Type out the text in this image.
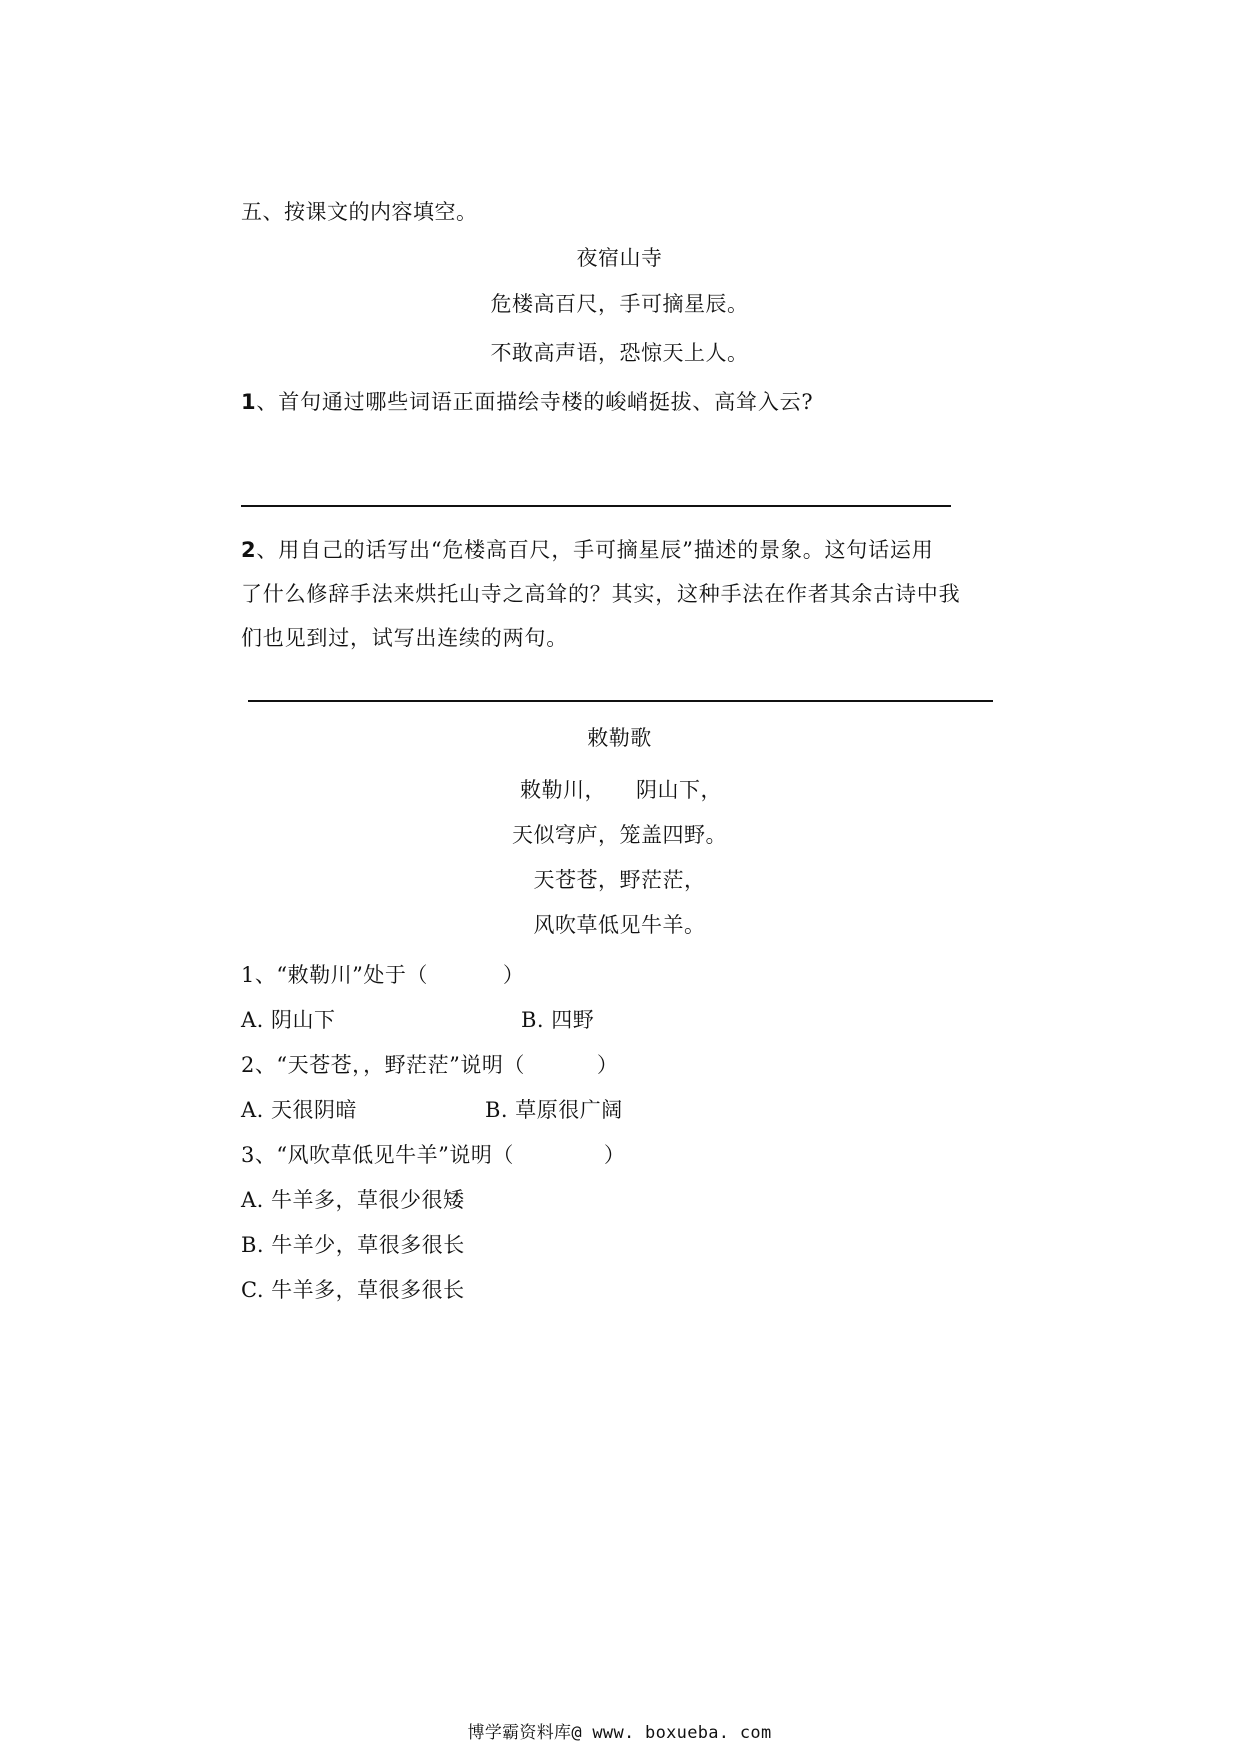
五、按课文的内容填空。
夜宿山寺
危楼高百尺，手可摘星辰。
不敢高声语，恐惊天上人。
1、首句通过哪些词语正面描绘寺楼的峻峭挺拔、高耸入云?
2、用自己的话写出“危楼高百尺，手可摘星辰”描述的景象。这句话运用
了什么修辞手法来烘托山寺之高耸的？其实，这种手法在作者其余古诗中我
们也见到过，试写出连续的两句。
敕勒歌
敕勒川， 阴山下，
天似穹庐，笼盖四野。
天苍苍，野茫茫，
风吹草低见牛羊。
1、“敕勒川”处于（	）
A. 阴山下	B. 四野
2、“天苍苍，，野茫茫”说明（	）
A. 天很阴暗	B. 草原很广阔
3、“风吹草低见牛羊”说明（	）
A. 牛羊多，草很少很矮
B. 牛羊少，草很多很长
C. 牛羊多，草很多很长
博学霸资料库@ www. boxueba. com
